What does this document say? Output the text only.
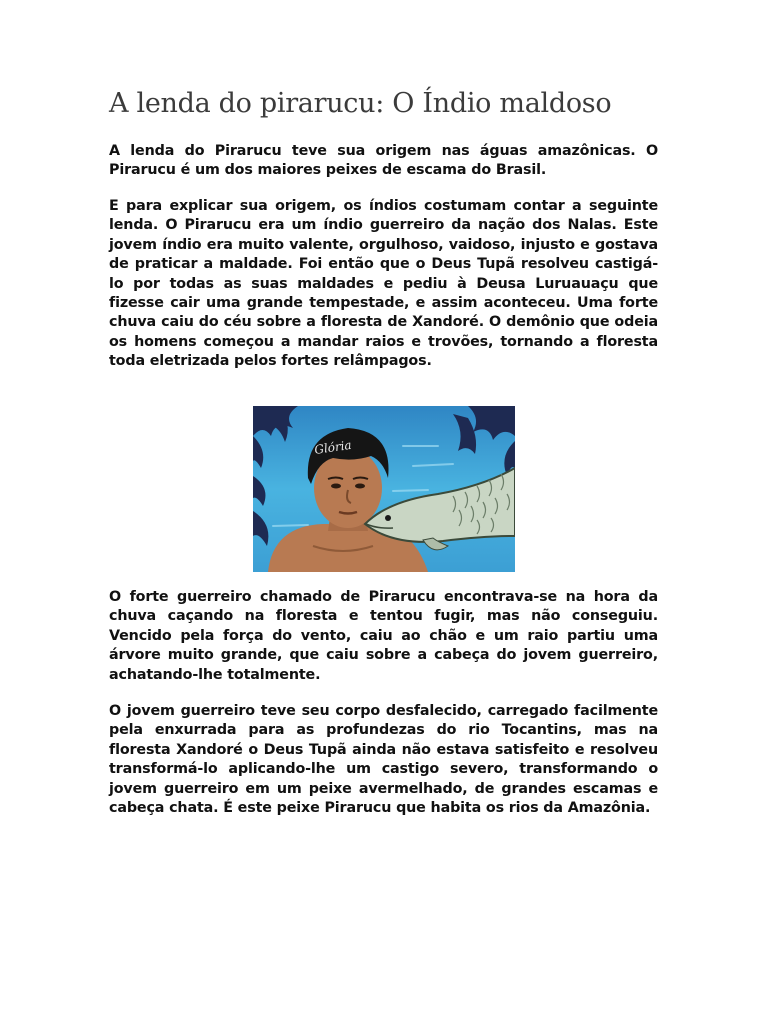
A lenda do pirarucu: O Índio maldoso

A lenda do Pirarucu teve sua origem nas águas amazônicas. O Pirarucu é um dos maiores peixes de escama do Brasil.

E para explicar sua origem, os índios costumam contar a seguinte lenda. O Pirarucu era um índio guerreiro da nação dos Nalas. Este jovem índio era muito valente, orgulhoso, vaidoso, injusto e gostava de praticar a maldade. Foi então que o Deus Tupã resolveu castigá-lo por todas as suas maldades e pediu à Deusa Luruauaçu que fizesse cair uma grande tempestade, e assim aconteceu. Uma forte chuva caiu do céu sobre a floresta de Xandoré. O demônio que odeia os homens começou a mandar raios e trovões, tornando a floresta toda eletrizada pelos fortes relâmpagos.

Glória

O forte guerreiro chamado de Pirarucu encontrava-se na hora da chuva caçando na floresta e tentou fugir, mas não conseguiu. Vencido pela força do vento, caiu ao chão e um raio partiu uma árvore muito grande, que caiu sobre a cabeça do jovem guerreiro, achatando-lhe totalmente.

O jovem guerreiro teve seu corpo desfalecido, carregado facilmente pela enxurrada para as profundezas do rio Tocantins, mas na floresta Xandoré o Deus Tupã ainda não estava satisfeito e resolveu transformá-lo aplicando-lhe um castigo severo, transformando o jovem guerreiro em um peixe avermelhado, de grandes escamas e cabeça chata. É este peixe Pirarucu que habita os rios da Amazônia.
